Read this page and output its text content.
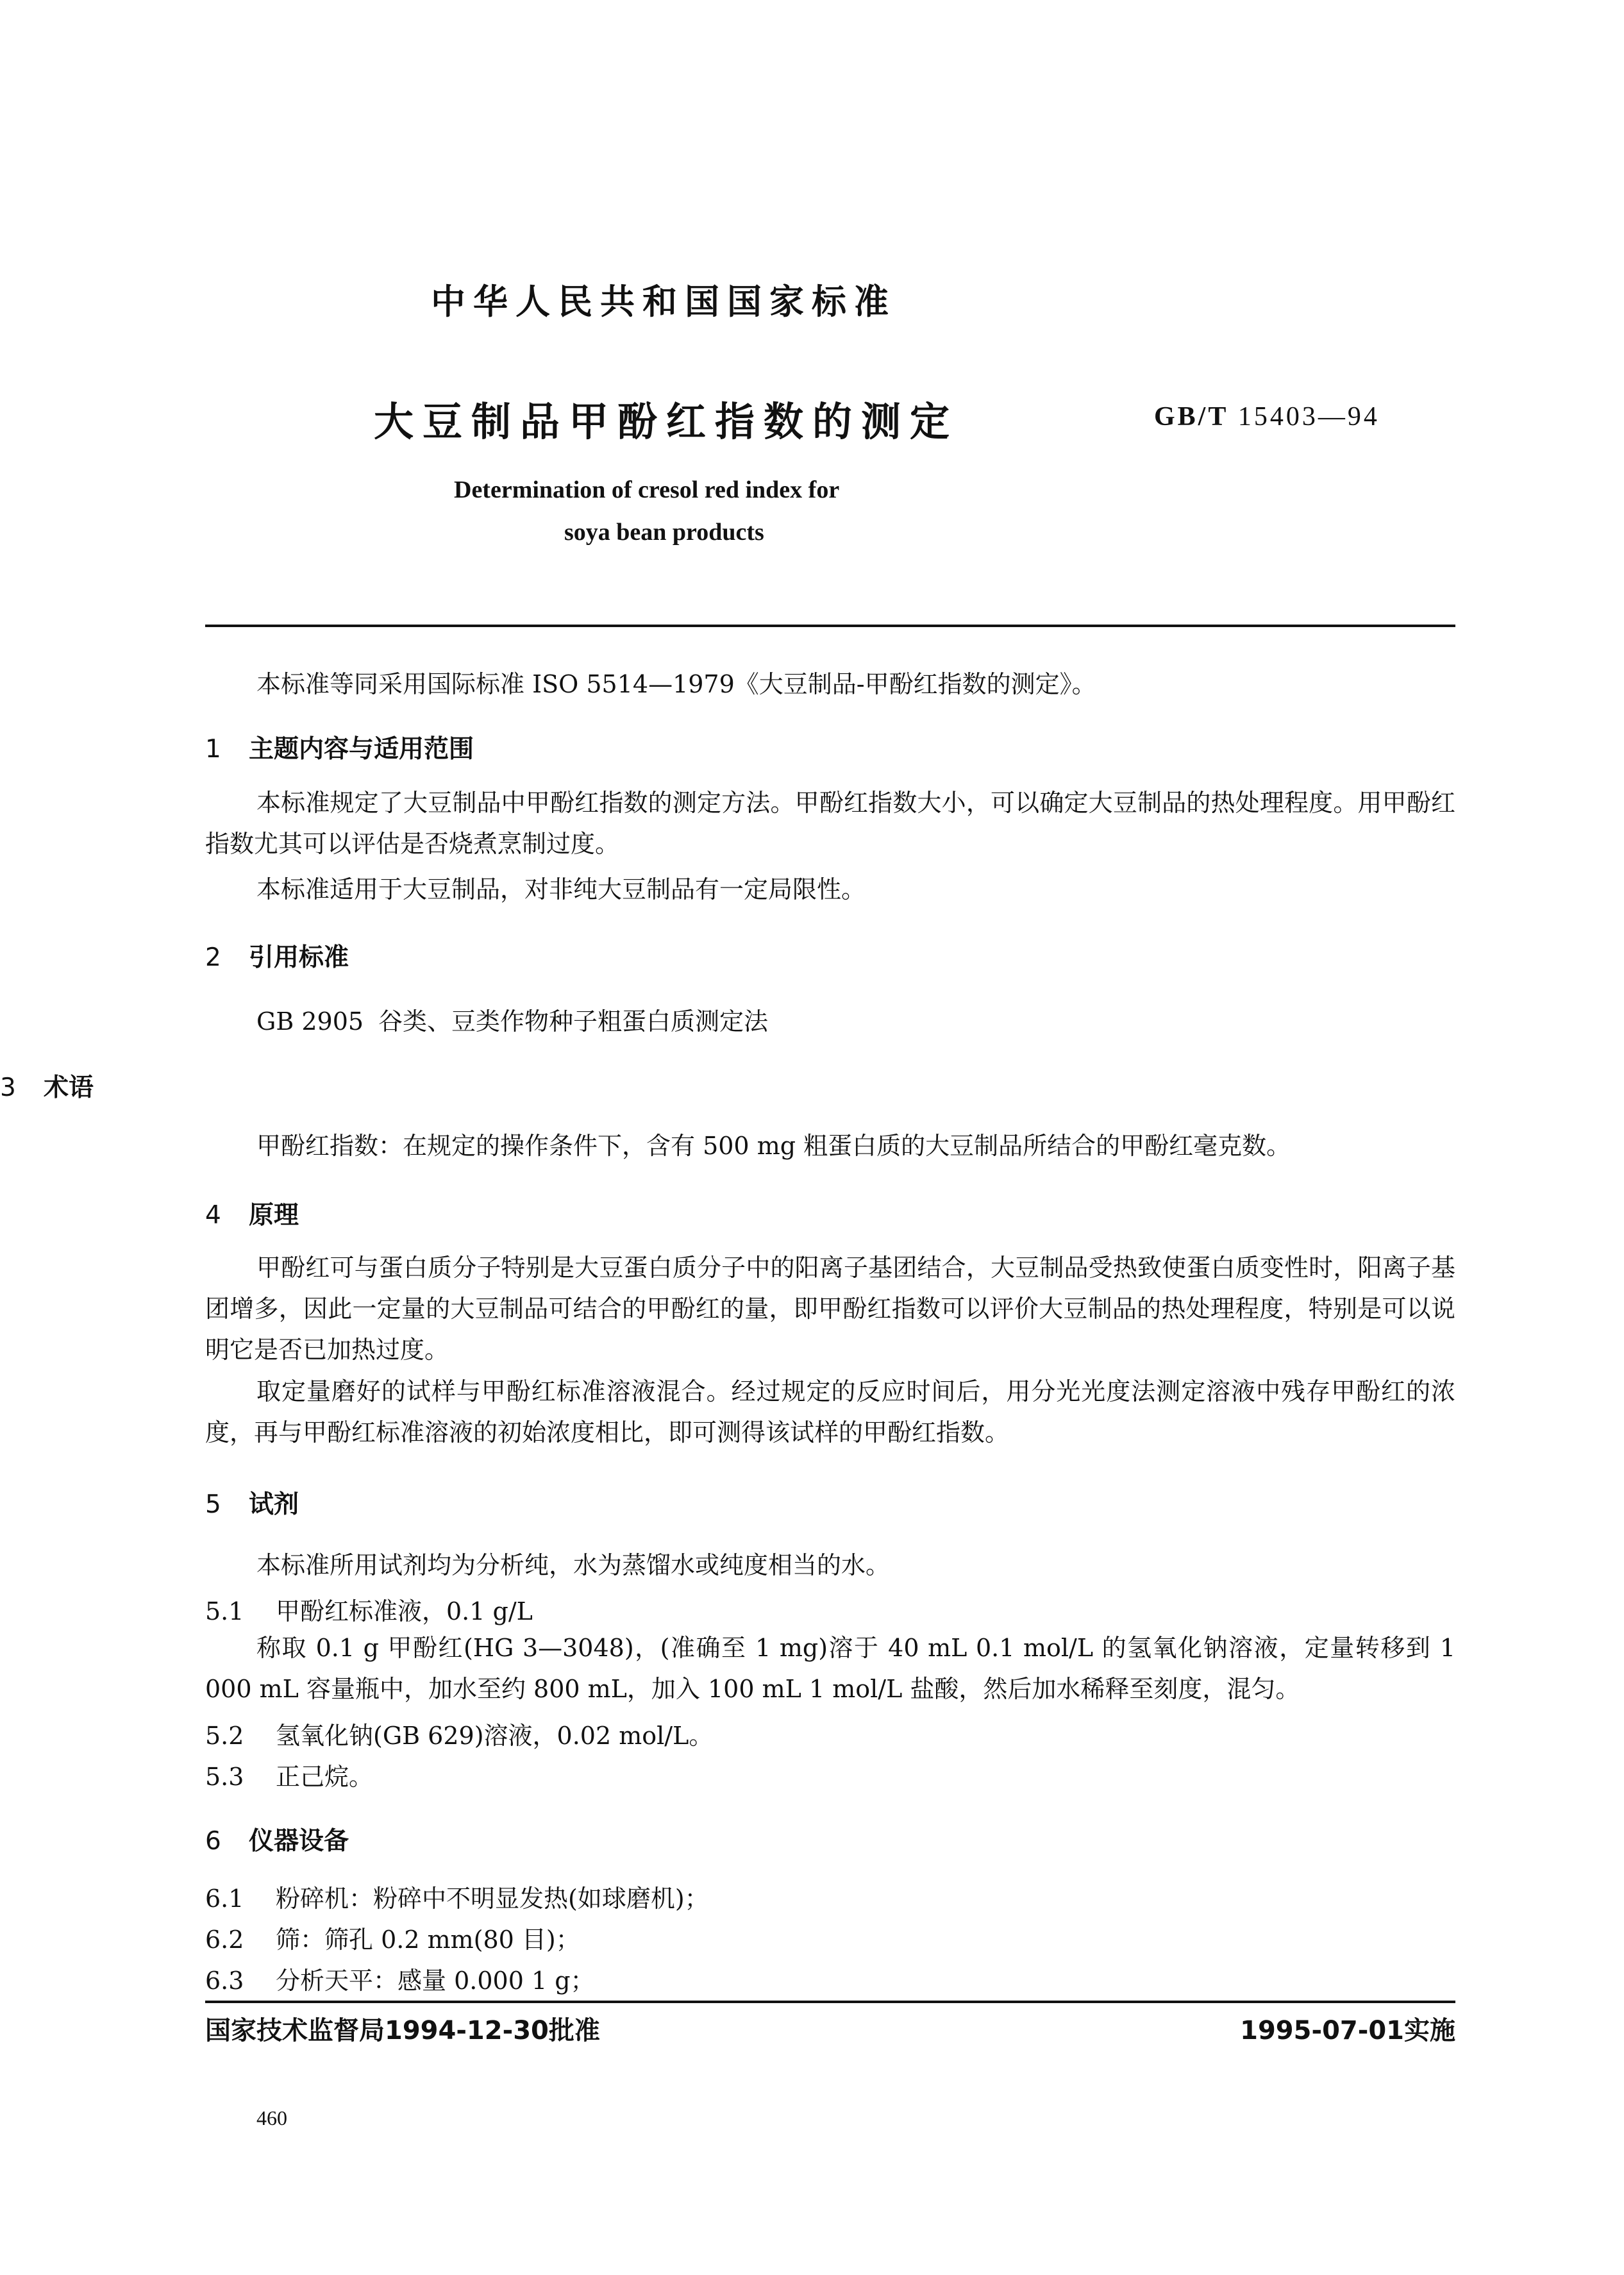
中华人民共和国国家标准
大豆制品甲酚红指数的测定	GB/T 15403—94
Determination of cresol red index for
soya bean products
本标准等同采用国际标准 ISO 5514—1979《大豆制品-甲酚红指数的测定》。
1 主题内容与适用范围
本标准规定了大豆制品中甲酚红指数的测定方法。甲酚红指数大小，可以确定大豆制品的热处理程度。用甲酚红指数尤其可以评估是否烧煮烹制过度。
本标准适用于大豆制品，对非纯大豆制品有一定局限性。
2 引用标准
GB 2905 谷类、豆类作物种子粗蛋白质测定法
3 术语
甲酚红指数：在规定的操作条件下，含有 500 mg 粗蛋白质的大豆制品所结合的甲酚红毫克数。
4 原理
甲酚红可与蛋白质分子特别是大豆蛋白质分子中的阳离子基团结合，大豆制品受热致使蛋白质变性时，阳离子基团增多，因此一定量的大豆制品可结合的甲酚红的量，即甲酚红指数可以评价大豆制品的热处理程度，特别是可以说明它是否已加热过度。
取定量磨好的试样与甲酚红标准溶液混合。经过规定的反应时间后，用分光光度法测定溶液中残存甲酚红的浓度，再与甲酚红标准溶液的初始浓度相比，即可测得该试样的甲酚红指数。
5 试剂
本标准所用试剂均为分析纯，水为蒸馏水或纯度相当的水。
5.1 甲酚红标准液，0.1 g/L
称取 0.1 g 甲酚红(HG 3—3048)，(准确至 1 mg)溶于 40 mL 0.1 mol/L 的氢氧化钠溶液，定量转移到 1 000 mL 容量瓶中，加水至约 800 mL，加入 100 mL 1 mol/L 盐酸，然后加水稀释至刻度，混匀。
5.2 氢氧化钠(GB 629)溶液，0.02 mol/L。
5.3 正己烷。
6 仪器设备
6.1 粉碎机：粉碎中不明显发热(如球磨机)；
6.2 筛：筛孔 0.2 mm(80 目)；
6.3 分析天平：感量 0.000 1 g；
国家技术监督局1994-12-30批准	1995-07-01实施
460
